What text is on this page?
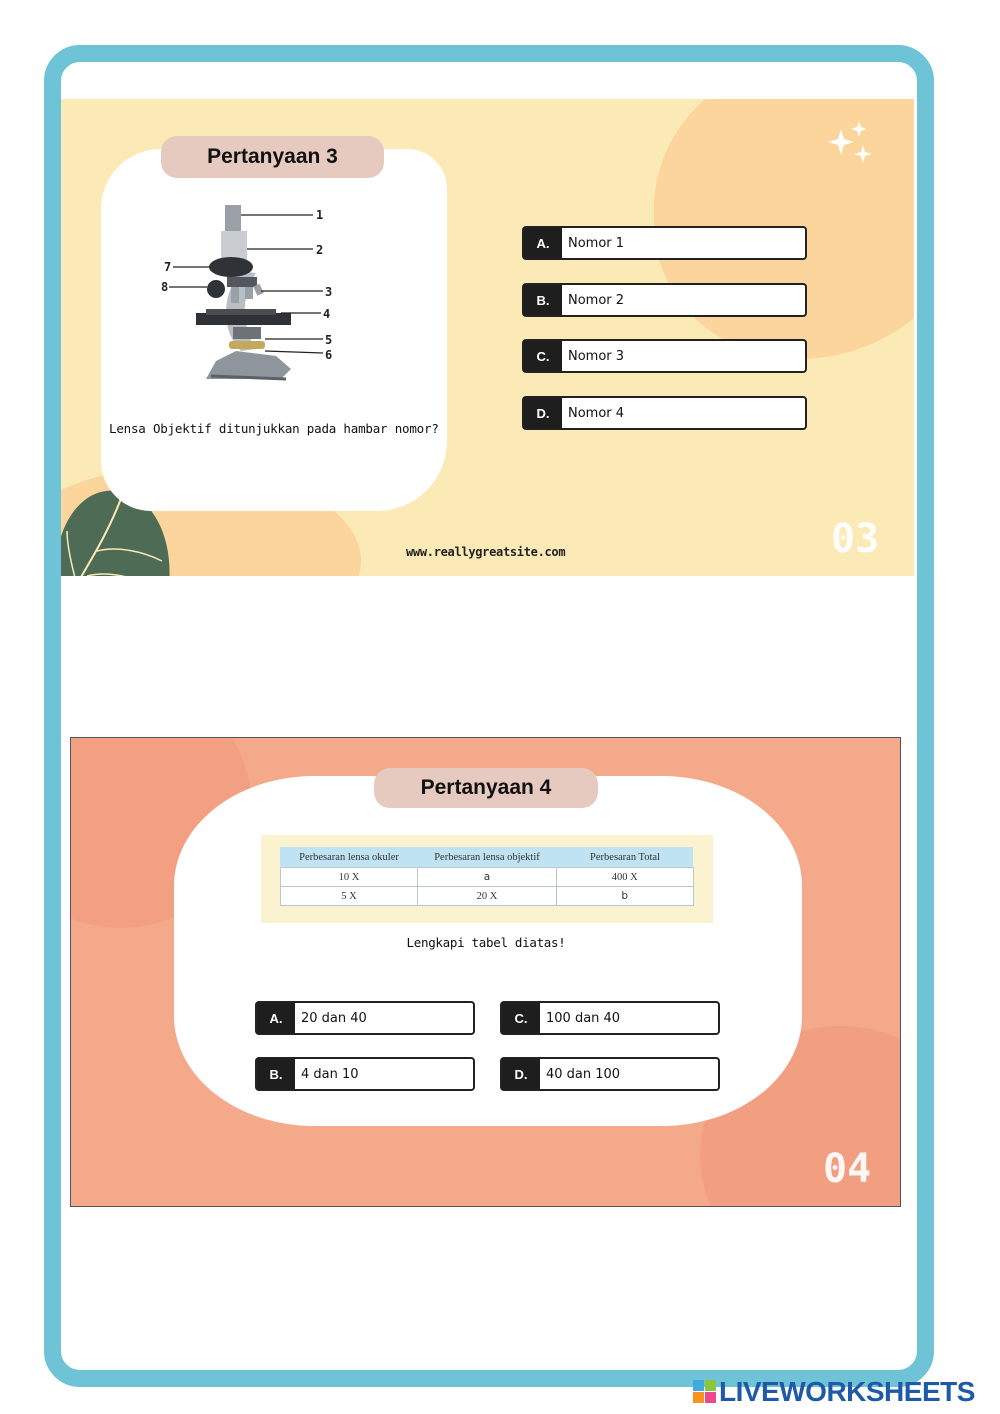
Pertanyaan 3
1
2
3
4
5
6
7
8
Lensa Objektif ditunjukkan pada hambar nomor?
A.	Nomor 1
B.	Nomor 2
C.	Nomor 3
D.	Nomor 4
www.reallygreatsite.com	03
Pertanyaan 4
Perbesaran lensa okuler	Perbesaran lensa objektif	Perbesaran Total
10 X	a	400 X
5 X	20 X	b
Lengkapi tabel diatas!
A.	20 dan 40
B.	4 dan 10
C.	100 dan 40
D.	40 dan 100
04
LIVEWORKSHEETS
